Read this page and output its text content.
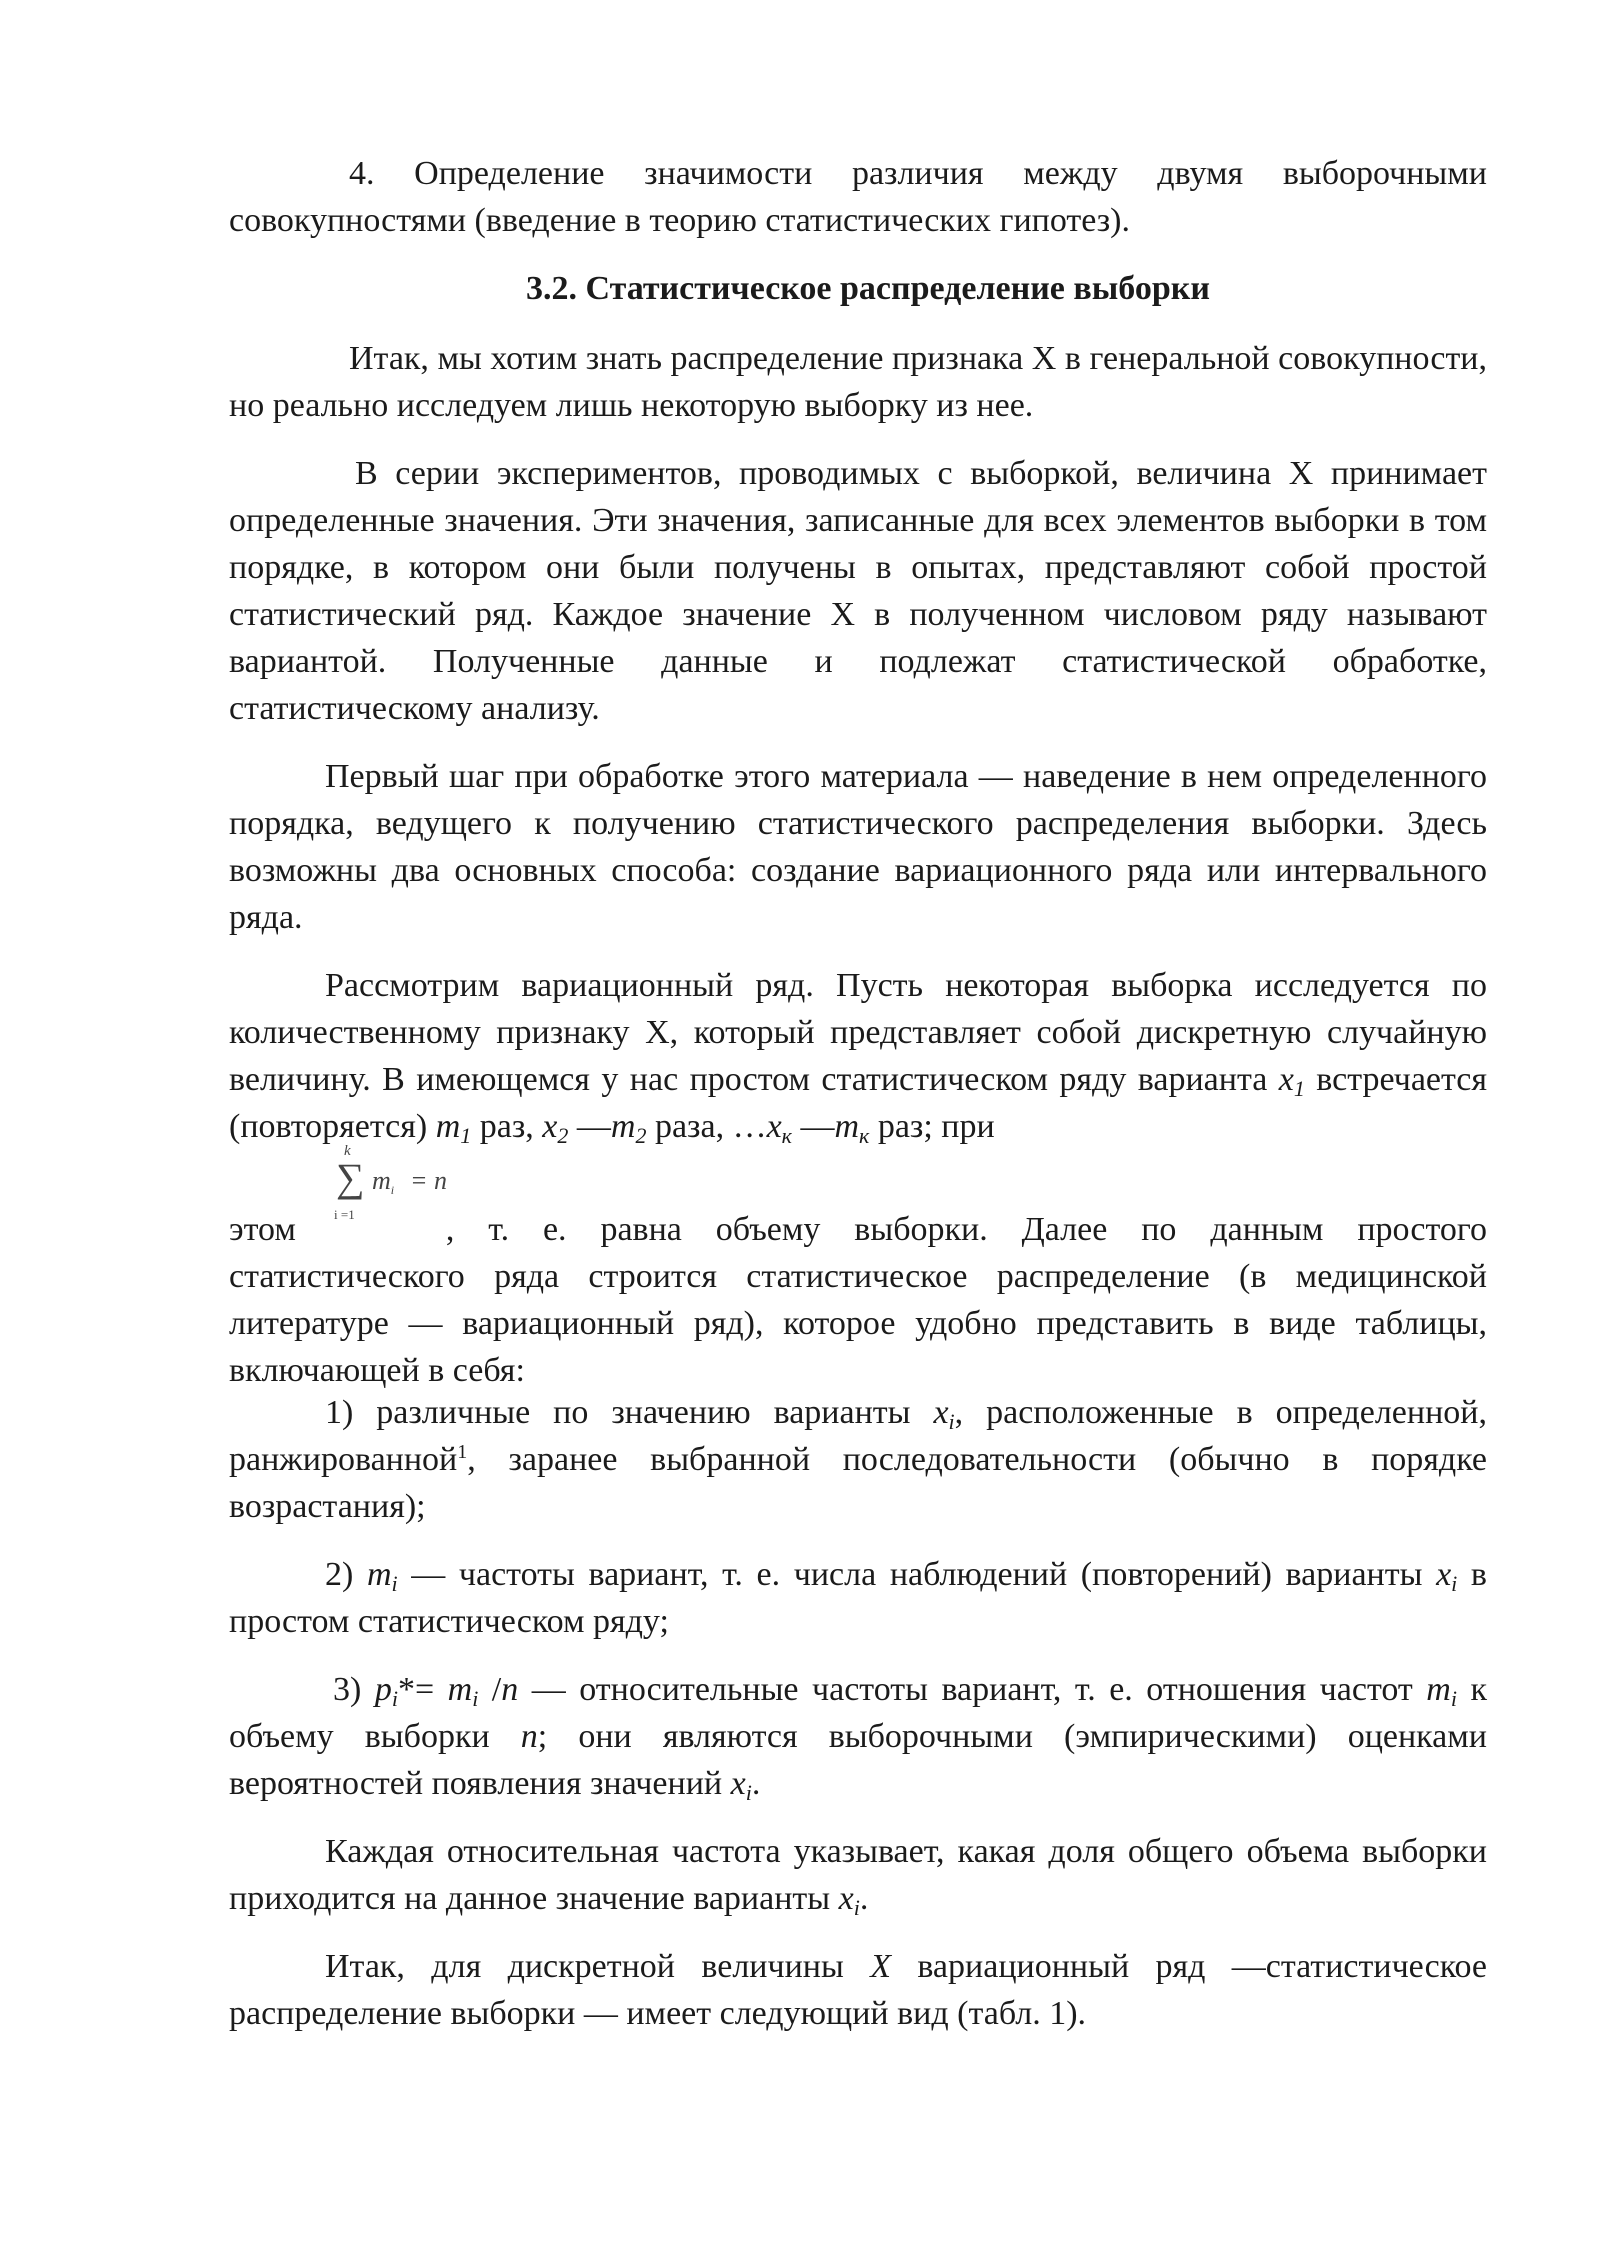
4. Определение значимости различия между двумя выборочными совокупностями (введение в теорию статистических гипотез).

3.2. Статистическое распределение выборки

Итак, мы хотим знать распределение признака X в генеральной совокупности, но реально исследуем лишь некоторую выборку из нее.

В серии экспериментов, проводимых с выборкой, величина X принимает определенные значения. Эти значения, записанные для всех элементов выборки в том порядке, в котором они были получены в опытах, представляют собой простой статистический ряд. Каждое значение X в полученном числовом ряду называют вариантой. Полученные данные и подлежат статистической обработке, статистическому анализу.

Первый шаг при обработке этого материала — наведение в нем определенного порядка, ведущего к получению статистического распределения выборки. Здесь возможны два основных способа: создание вариационного ряда или интервального ряда.

Рассмотрим вариационный ряд. Пусть некоторая выборка исследуется по количественному признаку X, который представляет собой дискретную случайную величину. В имеющемся у нас простом статистическом ряду варианта $x_1$ встречается (повторяется) $m_1$ раз, $x_2$ $—m_2$ раза, $\dots x_к$ $—m_к$ раз; при
k
∑
i =1
$m_i = n$
этом	, т. е. равна объему выборки. Далее по данным простого статистического ряда строится статистическое распределение (в медицинской литературе — вариационный ряд), которое удобно представить в виде таблицы, включающей в себя:

1) различные по значению варианты $x_i$, расположенные в определенной, ранжированной$^1$, заранее выбранной последовательности (обычно в порядке возрастания);

2) $m_i$ — частоты вариант, т. е. числа наблюдений (повторений) варианты $x_i$ в простом статистическом ряду;

3) $p_i*= m_i$ /n — относительные частоты вариант, т. е. отношения частот $m_i$ к объему выборки n; они являются выборочными (эмпирическими) оценками вероятностей появления значений $x_i$.

Каждая относительная частота указывает, какая доля общего объема выборки приходится на данное значение варианты $x_i$.

Итак, для дискретной величины X вариационный ряд —статистическое распределение выборки — имеет следующий вид (табл. 1).
